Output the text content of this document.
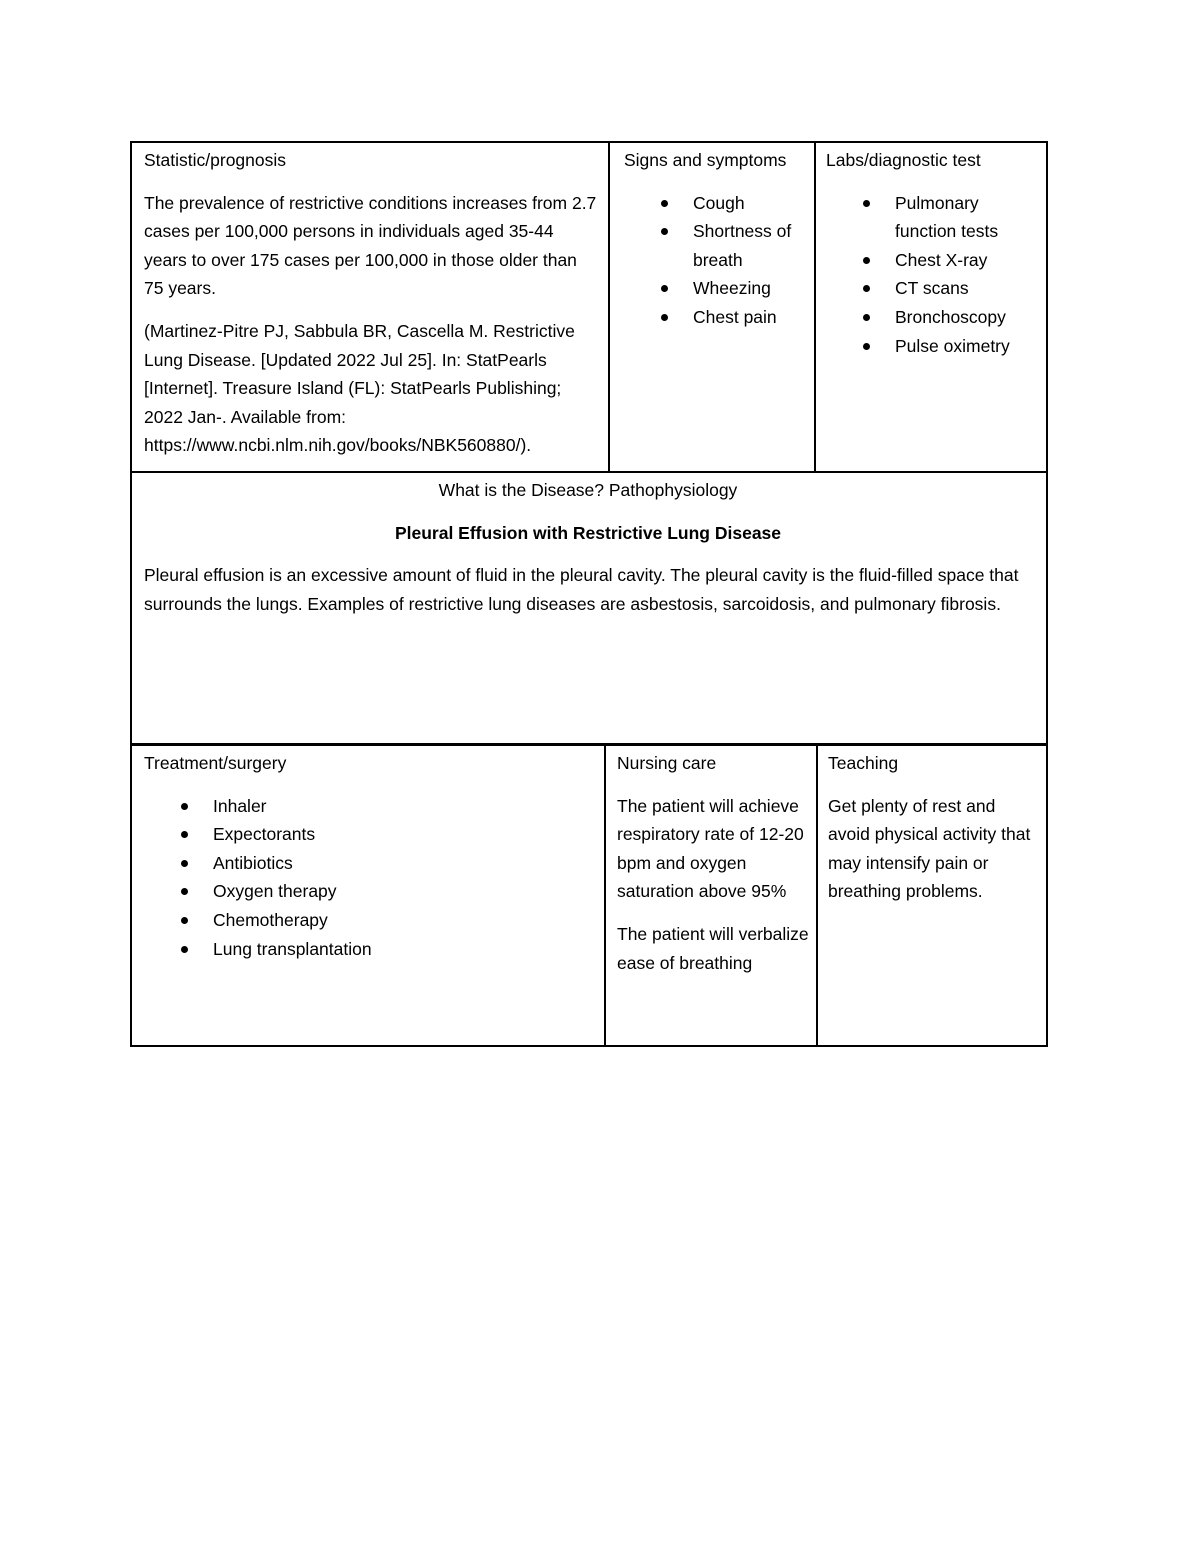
Statistic/prognosis
The prevalence of restrictive conditions increases from 2.7 cases per 100,000 persons in individuals aged 35-44 years to over 175 cases per 100,000 in those older than 75 years.
(Martinez-Pitre PJ, Sabbula BR, Cascella M. Restrictive Lung Disease. [Updated 2022 Jul 25]. In: StatPearls [Internet]. Treasure Island (FL): StatPearls Publishing; 2022 Jan-. Available from: https://www.ncbi.nlm.nih.gov/books/NBK560880/).
Signs and symptoms
Cough
Shortness of breath
Wheezing
Chest pain
Labs/diagnostic test
Pulmonary function tests
Chest X-ray
CT scans
Bronchoscopy
Pulse oximetry
What is the Disease? Pathophysiology
Pleural Effusion with Restrictive Lung Disease
Pleural effusion is an excessive amount of fluid in the pleural cavity. The pleural cavity is the fluid-filled space that surrounds the lungs. Examples of restrictive lung diseases are asbestosis, sarcoidosis, and pulmonary fibrosis.
Treatment/surgery
Inhaler
Expectorants
Antibiotics
Oxygen therapy
Chemotherapy
Lung transplantation
Nursing care
The patient will achieve respiratory rate of 12-20 bpm and oxygen saturation above 95%
The patient will verbalize ease of breathing
Teaching
Get plenty of rest and avoid physical activity that may intensify pain or breathing problems.
